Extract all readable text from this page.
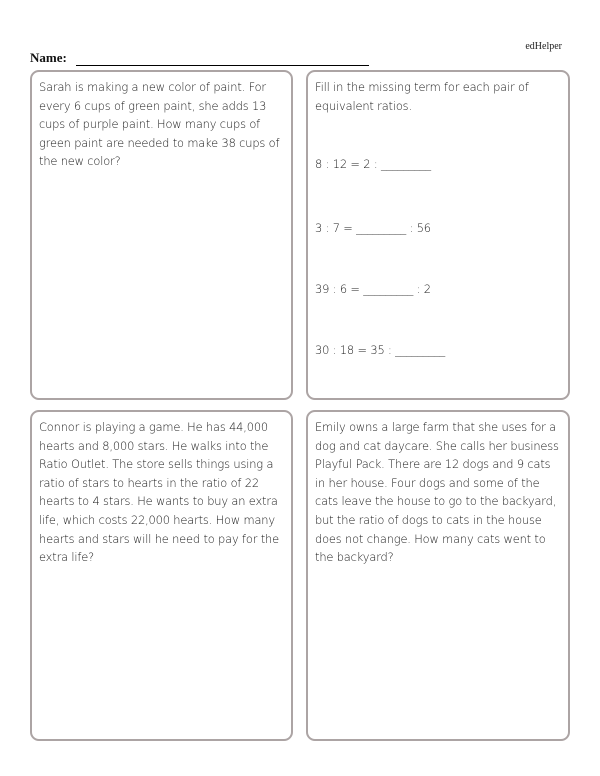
edHelper
Name:
Sarah is making a new color of paint. For every 6 cups of green paint, she adds 13 cups of purple paint. How many cups of green paint are needed to make 38 cups of the new color?
Fill in the missing term for each pair of equivalent ratios.
8 : 12 = 2 : _________
3 : 7 = _________ : 56
39 : 6 = _________ : 2
30 : 18 = 35 : _________
Connor is playing a game. He has 44,000 hearts and 8,000 stars. He walks into the Ratio Outlet. The store sells things using a ratio of stars to hearts in the ratio of 22 hearts to 4 stars. He wants to buy an extra life, which costs 22,000 hearts. How many hearts and stars will he need to pay for the extra life?
Emily owns a large farm that she uses for a dog and cat daycare. She calls her business Playful Pack. There are 12 dogs and 9 cats in her house. Four dogs and some of the cats leave the house to go to the backyard, but the ratio of dogs to cats in the house does not change. How many cats went to the backyard?
